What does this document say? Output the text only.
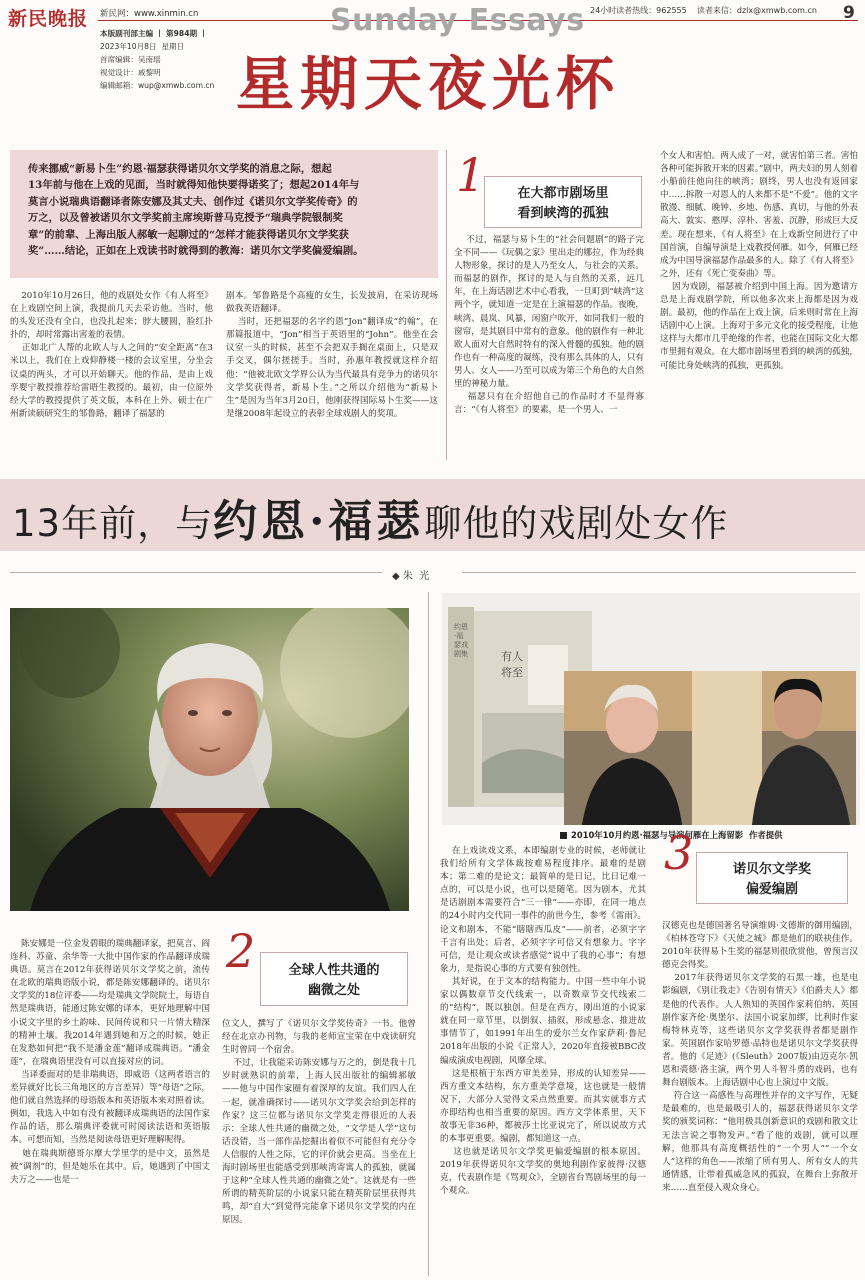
新民晚报 新民网：www.xinmin.cn
本版副刊部主编 丨 第984期 丨
2023年10月8日  星期日
首席编辑：吴南瑶
视觉设计：戚黎明
编辑邮箱：wup@xmwb.com.cn
Sunday Essays
星期天夜光杯
24小时读者热线：962555    读者来信：dzlx@xmwb.com.cn 9
传来挪威“新易卜生”约恩·福瑟获得诺贝尔文学奖的消息之际，想起
13年前与他在上戏的见面，当时就得知他快要得诺奖了；想起2014年与
莫言小说瑞典语翻译者陈安娜及其丈夫、创作过《诺贝尔文学奖传奇》的
万之，以及曾被诺贝尔文学奖前主席埃斯普马克授予“瑞典学院银制奖
章”的前辈、上海出版人郝敏一起聊过的“怎样才能获得诺贝尔文学奖获
奖”……结论，正如在上戏读书时就得到的教海：诺贝尔文学奖偏爱编剧。
2010年10月26日，他的戏剧处女作《有人将至》在上戏剧空间上演，我提前几天去采访他。当时，他的头发还没有全白，也没扎起来；脖大腰圆，脸红扑扑的，却时常露出害羞的表情。
正如北广人帮的北欧人与人之间的“安全距离”在3米以上，我们在上戏仰静楼一楼的会议室里，分坐会议桌的两头，才可以开始聊天。他的作品，是由上戏孪婴宁教授推荐给雷晤生教授的。最初，由一位原外经大学的教授提供了英文版，本科在上外、硕士在广州新读硕研究生的邹鲁路，翻译了福瑟的
剧本。邹鲁路是个高瘦的女生，长发披肩，在采访现场做我英语翻译。
当时，还把福瑟的名字约恩“Jon”翻译成“约翰”，在那篇报道中，“Jon”相当于英语里的“John”。他坐在会议室一头的时候，甚至不会把双手搁在桌面上，只是双手交叉，偶尔搓搓手。当时，孙惠年教授就这样介绍他：“他被北欧文学界公认为当代最具有竞争力的诺贝尔文学奖获得者，新易卜生。”之所以介绍他为“新易卜生”是因为当年3月20日，他刚获得国际易卜生奖——这是继2008年起设立的表彰全球戏剧人的奖项。
1	在大都市剧场里
看到峡湾的孤独
不过，福瑟与易卜生的“社会问题剧”的路子完全不同——《玩偶之家》里出走的娜拉，作为经典人物形象，探讨的是人乃至女人，与社会的关系。而福瑟的剧作，探讨的是人与自然的关系，远几年，在上海话剧艺术中心看我，一旦町到“峡湾”这两个字，就知道一定是在上演福瑟的作品。夜晚，峡湾、晨岚、风暴，闲窗户吹开，如同我们一般的窗帘，是其剧目中常有的意象。他的剧作有一种北欧人面对大自然时特有的深入骨髓的孤独。他的剧作也有一种高度的凝练，没有那么具体的人，只有男人、女人——乃至可以成为第三个角色的大自然里的神秘力量。
福瑟只有在介绍他自己的作品时才不显得寡言：“《有人将至》的要素，是一个男人、一
个女人和害怕。两人成了一对，就害怕第三者。害怕各种可能拆散开来的因素。”剧中，两夫妇的男人刻着小船前往他向往的峡湾；剧终，男人也没有返回家中……拆散一对恩人的人来都不是“不爱”。他的文字散漫、细腻、晚钟、乡地、伤感、真切，与他的外表高大、敦实、憨厚、淳朴、害羞、沉静，形成巨大反差。现在想来，《有人将至》在上戏新空间进行了中国首演，自编导演是上戏教授何雁。如今，何雁已经成为中国导演福瑟作品最多的人。除了《有人将至》之外，还有《死亡变奏曲》等。
因为戏剧，福瑟被介绍到中国上海。因为邀请方总是上海戏剧学院，所以他多次来上海都是因为戏剧。最初，他的作品在上戏上演，后来则时常在上海话剧中心上演。上海对于多元文化的接受程度，让他这样与大都市几乎绝缘的作者，也能在国际文化大都市里拥有观众。在大都市剧场里看到的峡湾的孤独，可能比身处峡湾的孤独，更孤独。
13年前，与约恩·福瑟聊他的戏剧处女作
◆ 朱  光
有人
将至
约恩·福瑟戏剧集
2010年10月约恩·福瑟与导演何雁在上海留影  作者提供
陈安娜是一位金发碧眼的瑞典翻译家，把莫言、阎连科、苏童、余华等一大批中国作家的作品翻译成瑞典语。莫言在2012年获得诺贝尔文学奖之前，流传在北欧的瑞典语版小说，都是陈安娜翻译的。诺贝尔文学奖的18位评委——均是瑞典文学院院士，每语自然是瑞典语，能通过陈安娜的译本，更好地理解中国小说文字里的乡土韵味、民间传说和只一片情大精深的精神土壤。我2014年遇到她和万之的时候，她正在发愁如何把“我不是潘金莲”翻译成瑞典语。“潘金莲”，在瑞典语里没有可以直接对应的词。
当译委面对的是非瑞典语，即威语（这两者语言的差异就好比长三角地区的方言差异）等“母语”之际，他们就自然选择的母语版本和英语版本来对照着读。例如，我选入中如有没有被翻译成瑞典语的法国作家作品的话，那么瑞典评委就可时阅读法语和英语版本。可想而知，当然是阅读母语更好理解呢得。
她在瑞典斯德哥尔摩大学里学的是中文，虽然是被“调剂”的，但是她乐在其中。后，她遇到了中国丈夫万之——也是一
2	全球人性共通的
幽微之处
位文人，撰写了《诺贝尔文学奖传奇》一书。他曾经在北京办刊物，与我的老师宣宝荣在中戏读研究生时曾同一个宿舍。
不过，让我能采访陈安娜与万之的，倒是我十几岁时就熟识的前辈，上海人民出版社的编辑郝敏——他与中国作家圈有着深厚的友谊。我们四人在一起，就准确探讨——诺贝尔文学奖会给到怎样的作家？这三位都与诺贝尔文学奖走得很近的人表示：全球人性共通的幽微之处，“文学是人学”这句话没错，当一部作品挖掘出着似不可能但有充分令人信服的人性之际，它的评价就会更高。当坐在上海时剧场里也能感受到那峡湾寄寓人的孤独，就属于这种“全球人性共通的幽微之处”。这就是有一些所谓的精英阶层的小说家只能在精英阶层里获得共鸣，却“自大”到觉得完能拿下诺贝尔文学奖的内在原因。
在上戏读戏文系，本即编剧专业的时候，老师就让我们给所有文学体裁按难易程度排序。最难的是剧本；第二难的是论文；最简单的是日记，比日记难一点的，可以是小说，也可以是随笔。因为剧本，尤其是话剧剧本需要符合“三一律”——亦即，在同一地点的24小时内交代同一事件的前世今生，参考《雷雨》。论文和剧本，不能“瞎瞎西瓜皮”——前者，必须字字千言有出处；后者，必须字字可信又有想象力。字字可信，是让观众或读者感觉“说中了我的心事”；有想象力，是指说心事的方式要有独创性。
其好说，在于文本的结构能力。中国一些中年小说家以偶数章节交代线索一，以奇数章节交代线索二的“结构”，既以独创。但是在西方，刚出道的小说家就在同一章节里，以倒叙、插叙，形成悬念、推进故事情节了，如1991年出生的爱尔兰女作家萨莉·鲁尼2018年出版的小说《正常人》，2020年直接被BBC改编成演成电视剧，风靡全球。
这是根植于东西方审美差异，形成的认知差异——西方重文本结构，东方重美学意境，这也就是一般情况下，大部分人觉得文采点然重要。而其实就事方式亦即结构也相当重要的原因。西方文学体系里，天下故事无非36种，都被莎士比亚说完了，所以说故方式的本事更重要。编剧，都知道这一点。
这也就是诺贝尔文学奖更偏爱编剧的根本原因。2019年获得诺贝尔文学奖的奥地利剧作家彼得·汉德克，代表剧作是《骂观众》，全剧省台骂剧场里的每一个观众。
3	诺贝尔文学奖
偏爱编剧
汉德克也是德国著名导演维姆·文德斯的御用编剧，《柏林苍穹下》《天使之城》都是他们的联袂佳作。2010年获得易卜生奖的福瑟则很欣赏他，曾预言汉德克会得奖。
2017年获得诺贝尔文学奖的石黑一雄，也是电影编剧，《别让我走》《告别有情天》《伯爵夫人》都是他的代表作。人人熟知的英国作家莉伯纳、英国剧作家齐伦·奥堡尔、法国小说家加缪，比利时作家梅特林克等，这些诺贝尔文学奖获得者都是剧作家。英国剧作家哈罗德·品特也是诺贝尔文学奖获得者。他的《足迹》(《Sleuth》2007版)由迈克尔·凯恩和裘德·洛主演，两个男人斗智斗勇的戏码，也有舞台剧版本。上海话剧中心也上演过中文版。
符合这一高感性与高理性并存的文字写作，无疑是最难的，也是最吸引人的，福瑟获得诺贝尔文学奖的颁奖词称：“他用极具创新意识的戏剧和散文让无法言说之事物发声。”看了他的戏剧，就可以理解，他那具有高度概括性的“一个男人”“一个女人”这样的角色——浓缩了所有男人、所有女人的共通情感，让带着孤威急风的孤寂，在舞台上弥散开来……直至侵入观众身心。
